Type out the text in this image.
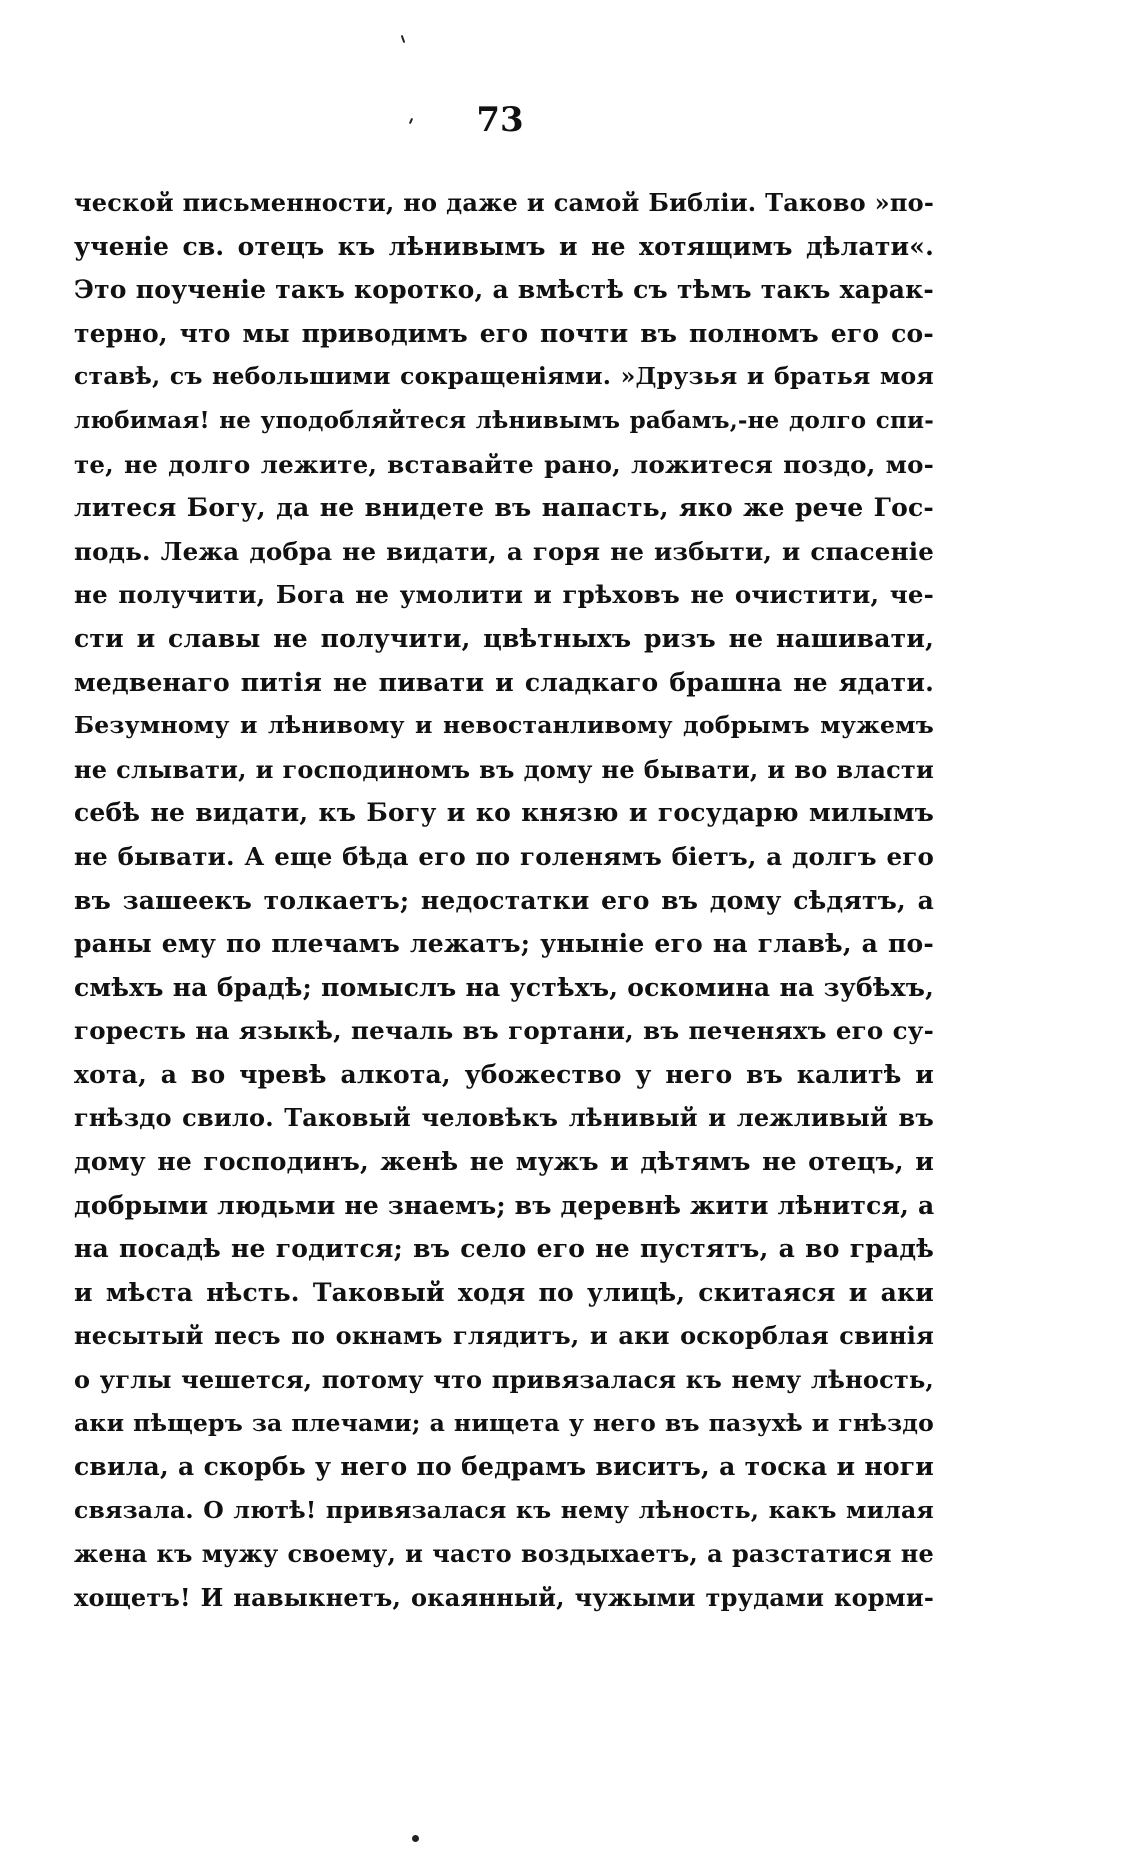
73
ческой письменности, но даже и самой Библіи. Таково »по-
ученіе св. отецъ къ лѣнивымъ и не хотящимъ дѣлати«.
Это поученіе такъ коротко, а вмѣстѣ съ тѣмъ такъ харак-
терно, что мы приводимъ его почти въ полномъ его со-
ставѣ, съ небольшими сокращеніями. »Друзья и братья моя
любимая! не уподобляйтеся лѣнивымъ рабамъ,-не долго спи-
те, не долго лежите, вставайте рано, ложитеся поздо, мо-
литеся Богу, да не внидете въ напасть, яко же рече Гос-
подь. Лежа добра не видати, а горя не избыти, и спасеніе
не получити, Бога не умолити и грѣховъ не очистити, че-
сти и славы не получити, цвѣтныхъ ризъ не нашивати,
медвенаго питія не пивати и сладкаго брашна не ядати.
Безумному и лѣнивому и невостанливому добрымъ мужемъ
не слывати, и господиномъ въ дому не бывати, и во власти
себѣ не видати, къ Богу и ко князю и государю милымъ
не бывати. А еще бѣда его по голенямъ біетъ, а долгъ его
въ зашеекъ толкаетъ; недостатки его въ дому сѣдятъ, а
раны ему по плечамъ лежатъ; уныніе его на главѣ, а по-
смѣхъ на брадѣ; помыслъ на устѣхъ, оскомина на зубѣхъ,
горесть на языкѣ, печаль въ гортани, въ печеняхъ его су-
хота, а во чревѣ алкота, убожество у него въ калитѣ и
гнѣздо свило. Таковый человѣкъ лѣнивый и лежливый въ
дому не господинъ, женѣ не мужъ и дѣтямъ не отецъ, и
добрыми людьми не знаемъ; въ деревнѣ жити лѣнится, а
на посадѣ не годится; въ село его не пустятъ, а во градѣ
и мѣста нѣсть. Таковый ходя по улицѣ, скитаяся и аки
несытый песъ по окнамъ глядитъ, и аки оскорблая свинія
о углы чешется, потому что привязалася къ нему лѣность,
аки пѣщеръ за плечами; а нищета у него въ пазухѣ и гнѣздо
свила, а скорбь у него по бедрамъ виситъ, а тоска и ноги
связала. О лютѣ! привязалася къ нему лѣность, какъ милая
жена къ мужу своему, и часто воздыхаетъ, а разстатися не
хощетъ! И навыкнетъ, окаянный, чужыми трудами корми-
